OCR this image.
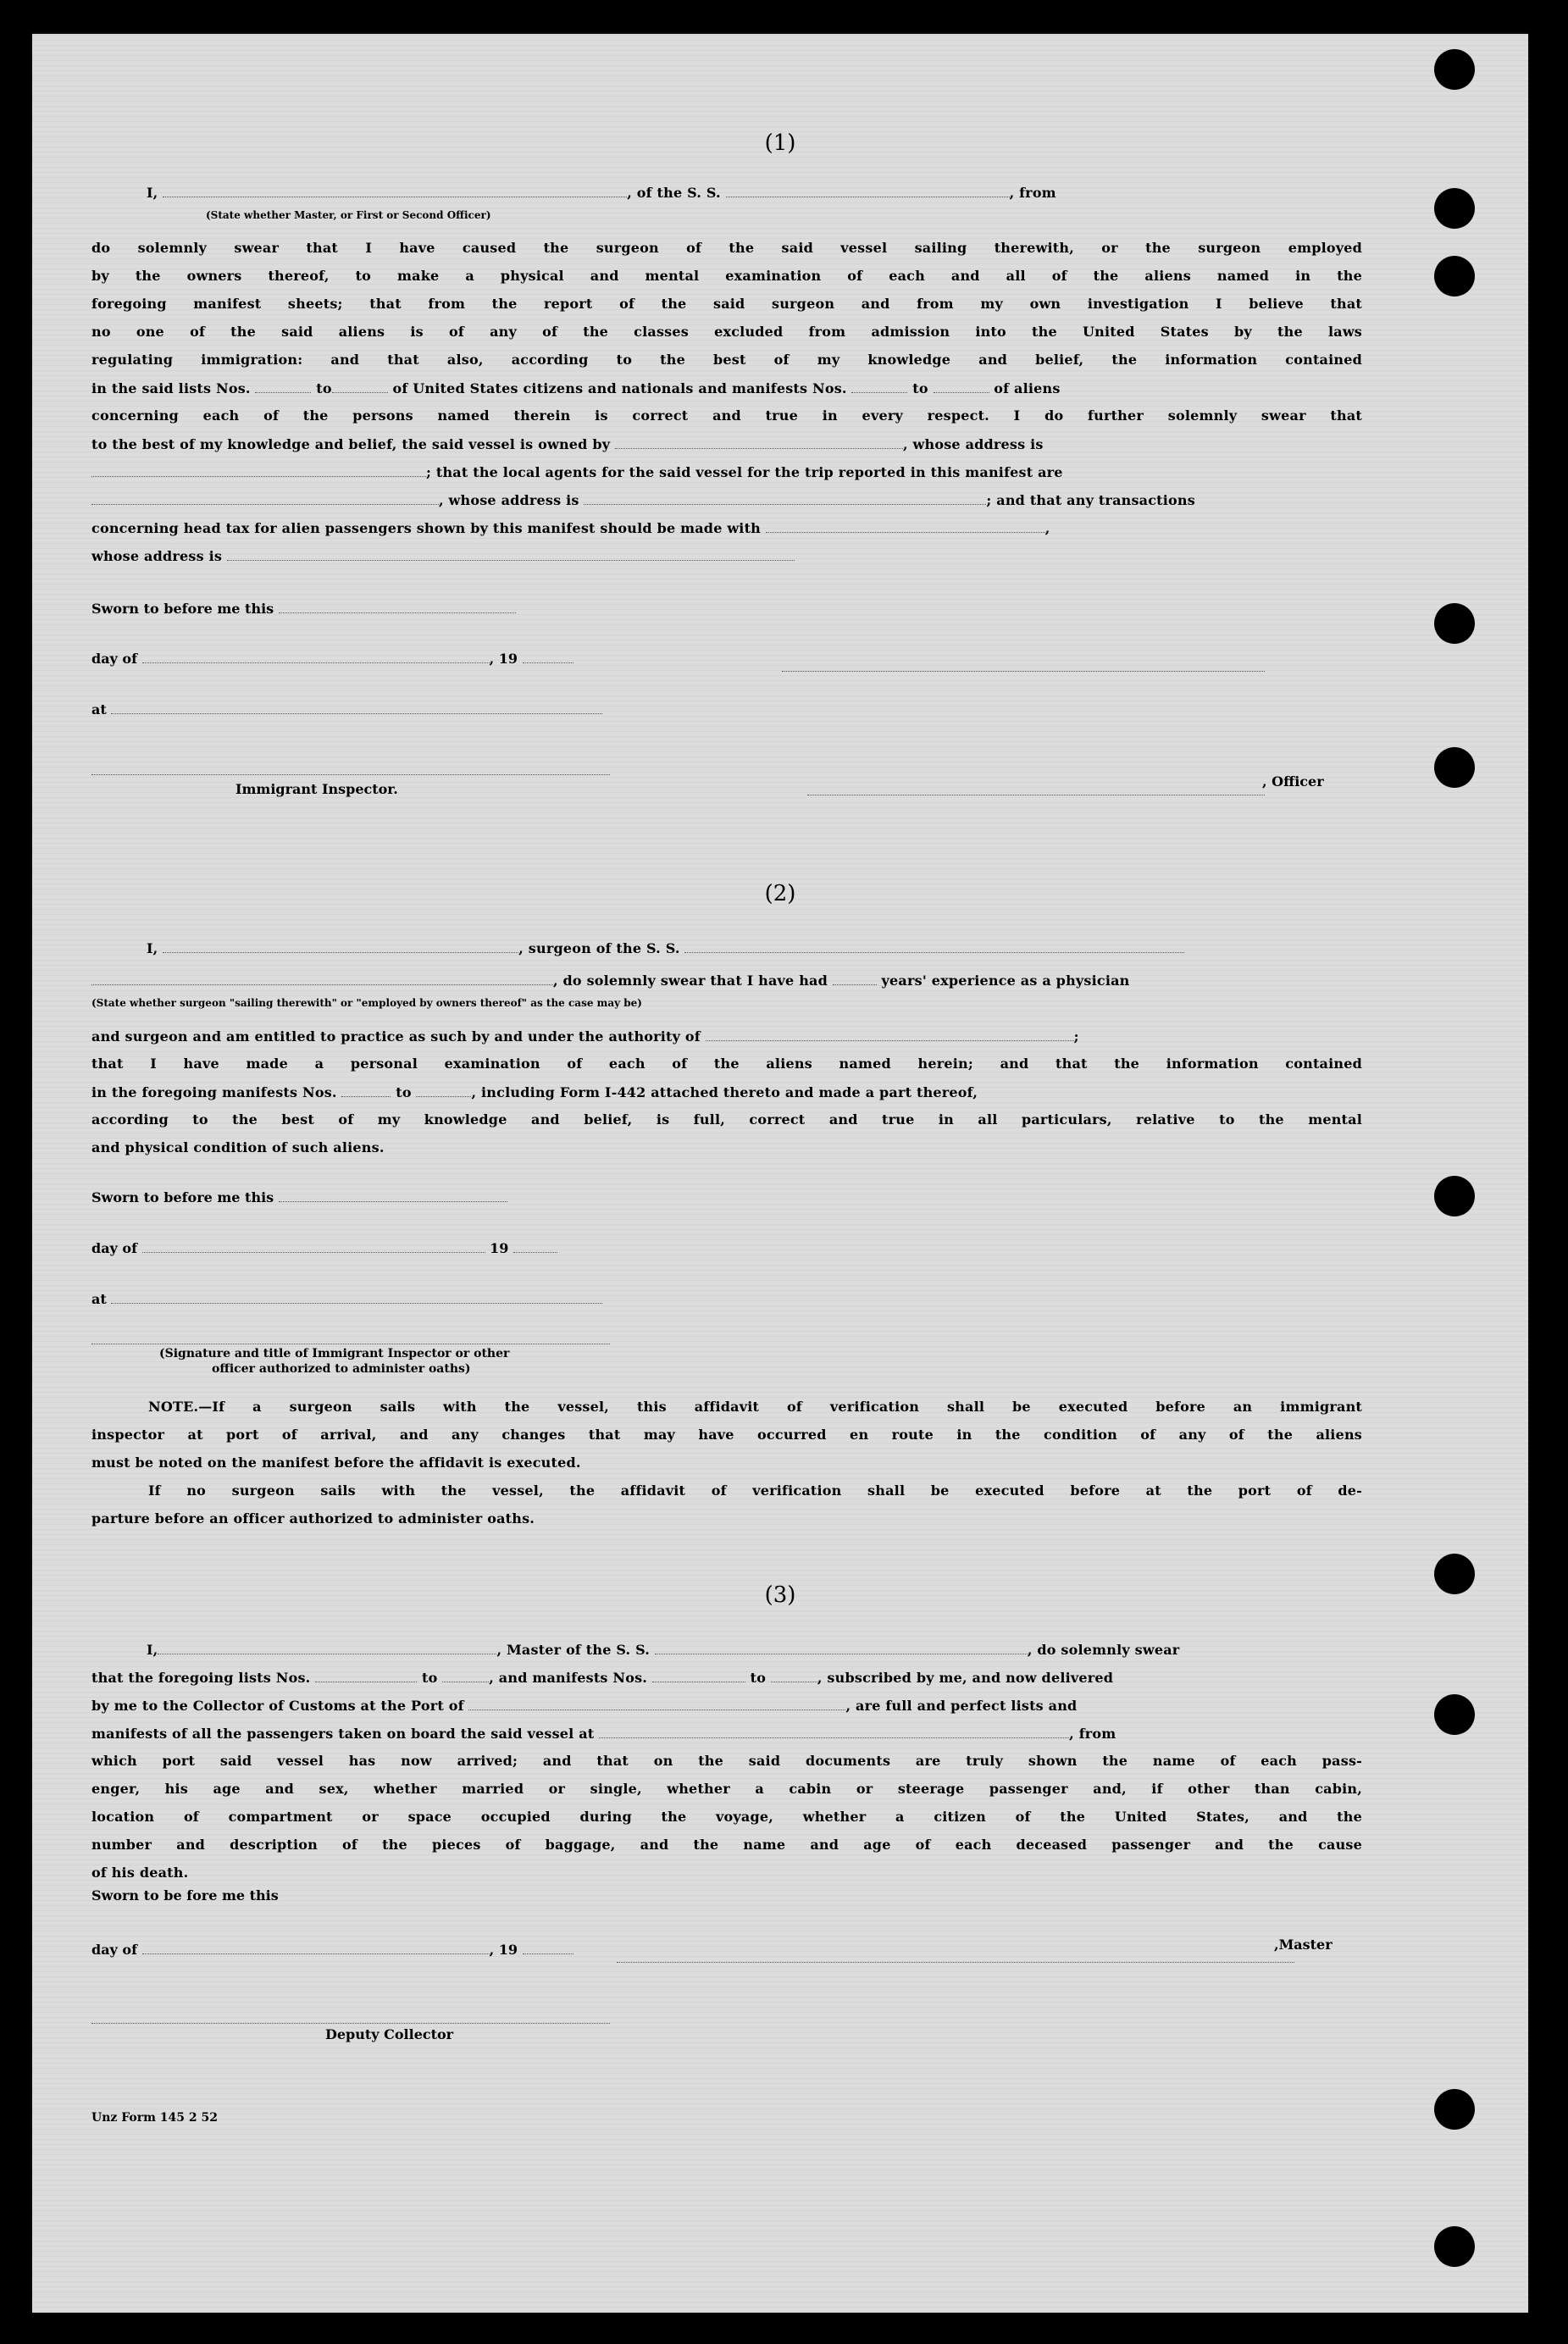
(1)
I,	, of the S. S.	, from
(State whether Master, or First or Second Officer)
do solemnly swear that I have caused the surgeon of the said vessel sailing therewith, or the surgeon employed
by the owners thereof, to make a physical and mental examination of each and all of the aliens named in the
foregoing manifest sheets; that from the report of the said surgeon and from my own investigation I believe that
no one of the said aliens is of any of the classes excluded from admission into the United States by the laws
regulating immigration: and that also, according to the best of my knowledge and belief, the information contained
in the said lists Nos.	to	of United States citizens and nationals and manifests Nos.	to	of aliens
concerning each of the persons named therein is correct and true in every respect. I do further solemnly swear that
to the best of my knowledge and belief, the said vessel is owned by	, whose address is
; that the local agents for the said vessel for the trip reported in this manifest are
, whose address is	; and that any transactions
concerning head tax for alien passengers shown by this manifest should be made with	,
whose address is
Sworn to before me this
day of	, 19
at
Immigrant Inspector.	, Officer
(2)
I,	, surgeon of the S. S.
, do solemnly swear that I have had	years' experience as a physician
(State whether surgeon "sailing therewith" or "employed by owners thereof" as the case may be)
and surgeon and am entitled to practice as such by and under the authority of	;
that I have made a personal examination of each of the aliens named herein; and that the information contained
in the foregoing manifests Nos.	to	, including Form I-442 attached thereto and made a part thereof,
according to the best of my knowledge and belief, is full, correct and true in all particulars, relative to the mental
and physical condition of such aliens.
Sworn to before me this
day of	19
at
(Signature and title of Immigrant Inspector or other
officer authorized to administer oaths)
NOTE.—If a surgeon sails with the vessel, this affidavit of verification shall be executed before an immigrant
inspector at port of arrival, and any changes that may have occurred en route in the condition of any of the aliens
must be noted on the manifest before the affidavit is executed.
If no surgeon sails with the vessel, the affidavit of verification shall be executed before at the port of de-
parture before an officer authorized to administer oaths.
(3)
I,	, Master of the S. S.	, do solemnly swear
that the foregoing lists Nos.	to	, and manifests Nos.	to	, subscribed by me, and now delivered
by me to the Collector of Customs at the Port of	, are full and perfect lists and
manifests of all the passengers taken on board the said vessel at	, from
which port said vessel has now arrived; and that on the said documents are truly shown the name of each pass-
enger, his age and sex, whether married or single, whether a cabin or steerage passenger and, if other than cabin,
location of compartment or space occupied during the voyage, whether a citizen of the United States, and the
number and description of the pieces of baggage, and the name and age of each deceased passenger and the cause
of his death.
Sworn to be fore me this
day of	, 19	,Master
Deputy Collector
Unz Form 145 2 52
